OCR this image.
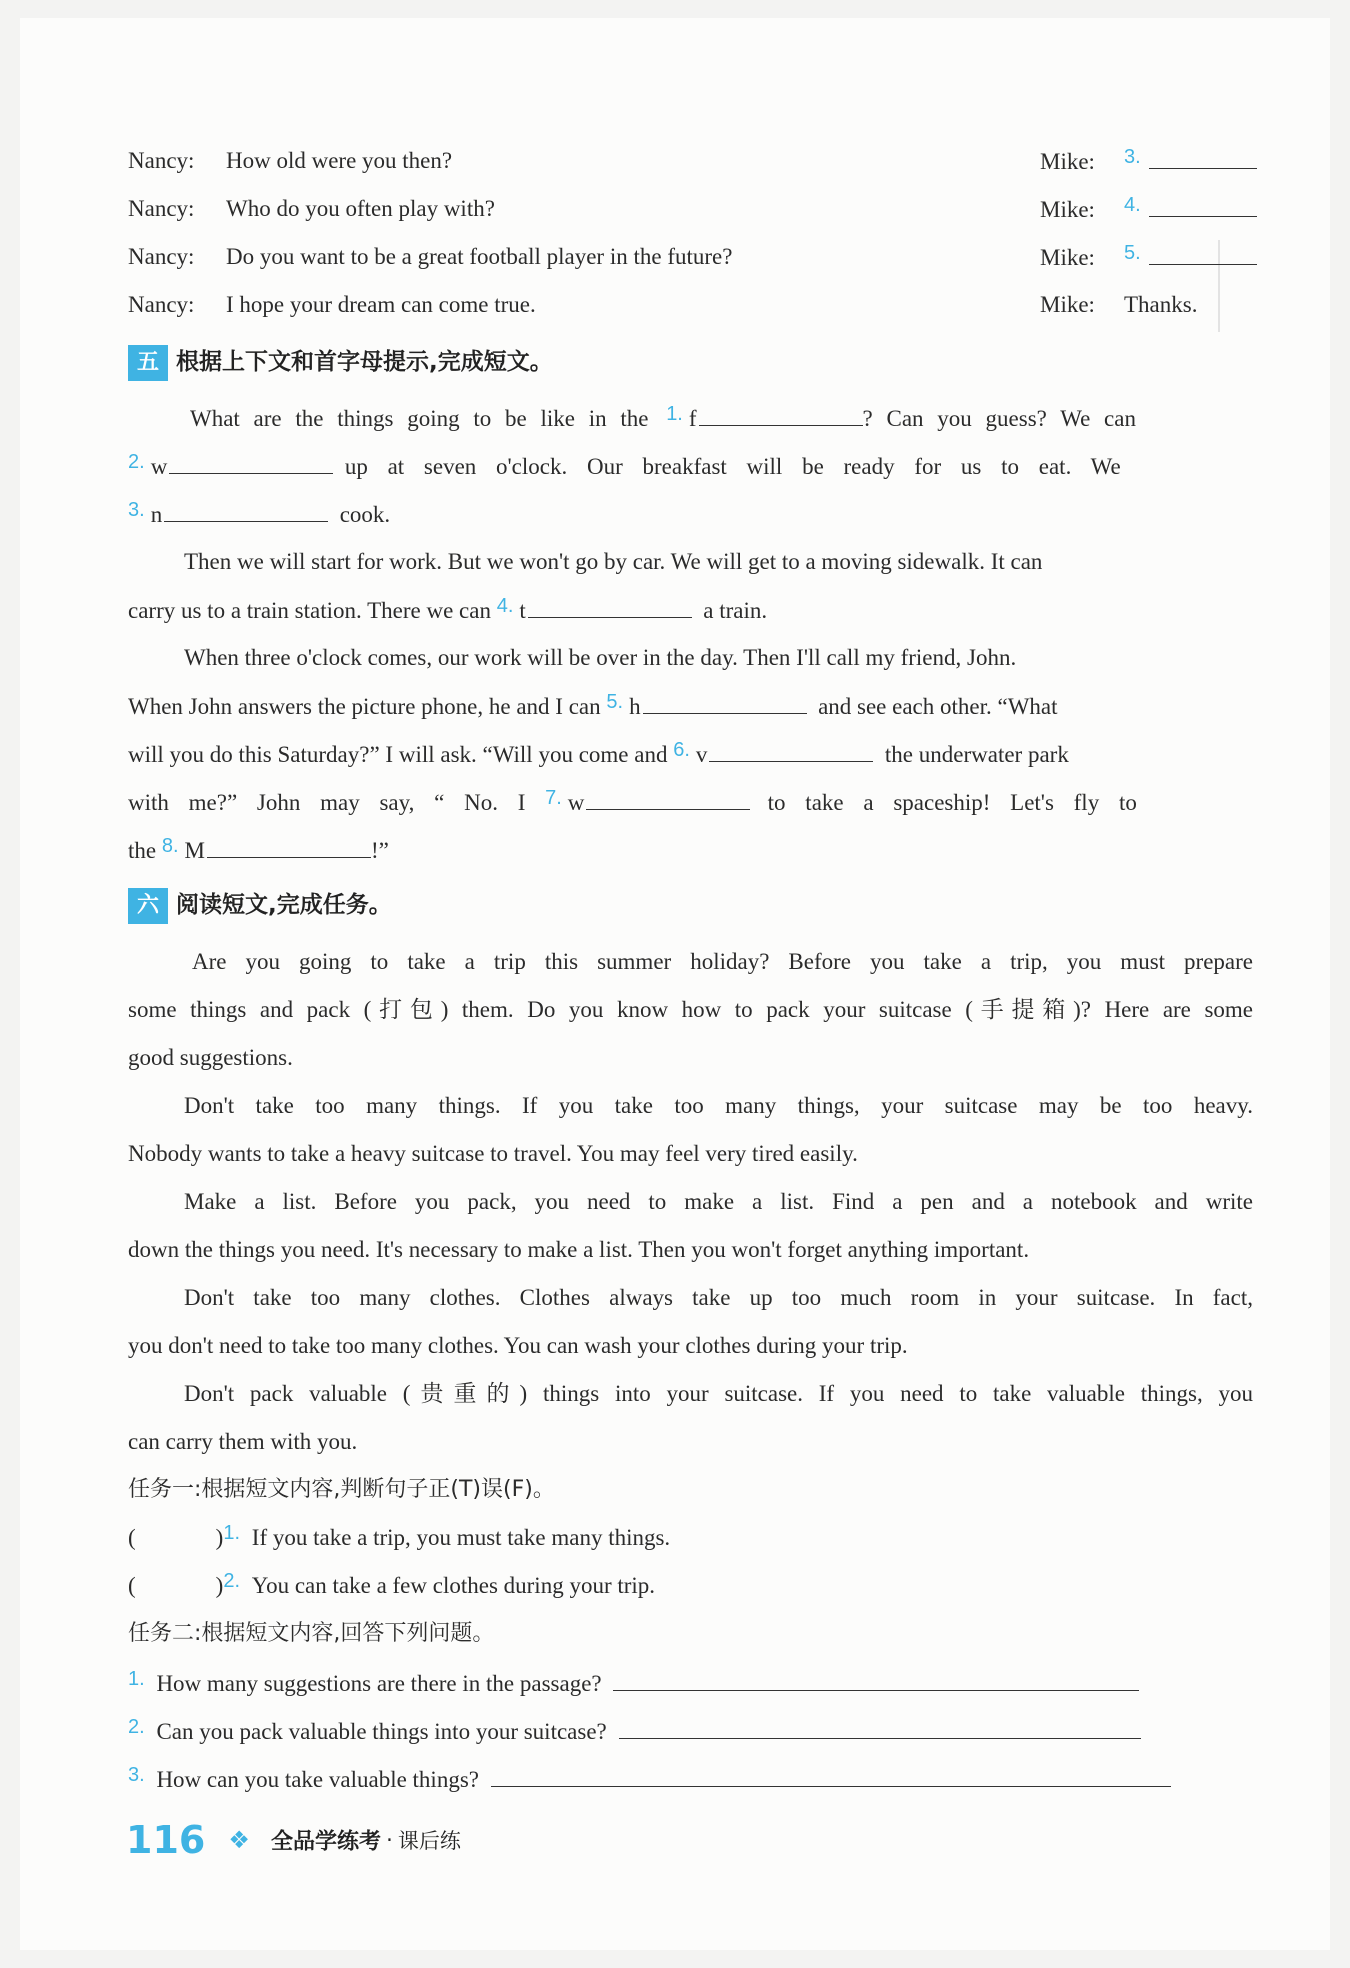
Nancy: How old were you then?	Mike: 3.
Nancy: Who do you often play with?	Mike: 4.
Nancy: Do you want to be a great football player in the future?	Mike: 5.
Nancy: I hope your dream can come true.	Mike: Thanks.
五 根据上下文和首字母提示,完成短文。
What are the things going to be like in the 1. f	? Can you guess? We can
2. w	up at seven o'clock. Our breakfast will be ready for us to eat. We
3. n	cook.
Then we will start for work. But we won't go by car. We will get to a moving sidewalk. It can
carry us to a train station. There we can 4. t	a train.
When three o'clock comes, our work will be over in the day. Then I'll call my friend, John.
When John answers the picture phone, he and I can 5. h	and see each other. “What
will you do this Saturday?” I will ask. “Will you come and 6. v	the underwater park
with me?” John may say, “ No. I 7. w	to take a spaceship! Let's fly to
the 8. M	!”
六 阅读短文,完成任务。
Are you going to take a trip this summer holiday? Before you take a trip, you must prepare
some things and pack (打包) them. Do you know how to pack your suitcase (手提箱)? Here are some
good suggestions.
Don't take too many things. If you take too many things, your suitcase may be too heavy.
Nobody wants to take a heavy suitcase to travel. You may feel very tired easily.
Make a list. Before you pack, you need to make a list. Find a pen and a notebook and write
down the things you need. It's necessary to make a list. Then you won't forget anything important.
Don't take too many clothes. Clothes always take up too much room in your suitcase. In fact,
you don't need to take too many clothes. You can wash your clothes during your trip.
Don't pack valuable (贵重的) things into your suitcase. If you need to take valuable things, you
can carry them with you.
任务一:根据短文内容,判断句子正(T)误(F)。
(	)1. If you take a trip, you must take many things.
(	)2. You can take a few clothes during your trip.
任务二:根据短文内容,回答下列问题。
1. How many suggestions are there in the passage?
2. Can you pack valuable things into your suitcase?
3. How can you take valuable things?
116 ❖ 全品学练考 · 课后练
